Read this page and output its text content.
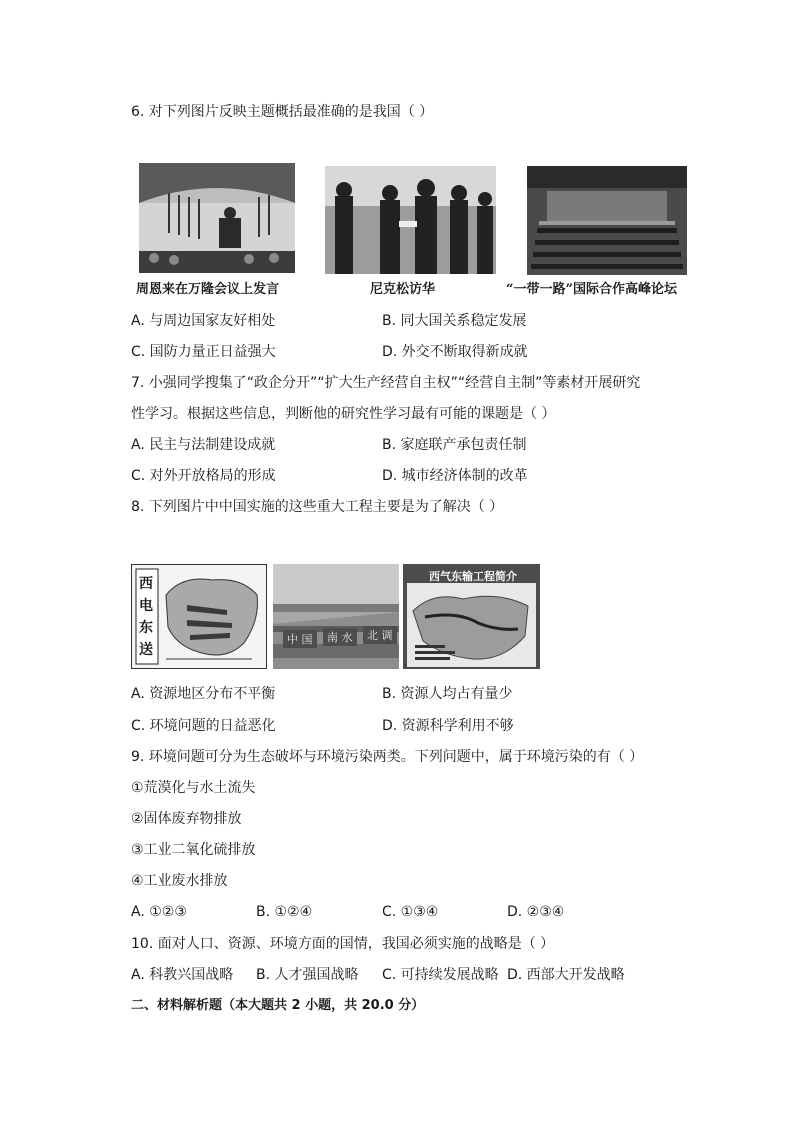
6. 对下列图片反映主题概括最准确的是我国（ ）
周恩来在万隆会议上发言	尼克松访华	“一带一路”国际合作高峰论坛
A. 与周边国家友好相处	B. 同大国关系稳定发展
C. 国防力量正日益强大	D. 外交不断取得新成就
7. 小强同学搜集了“政企分开”“扩大生产经营自主权”“经营自主制”等素材开展研究
性学习。根据这些信息，判断他的研究性学习最有可能的课题是（ ）
A. 民主与法制建设成就	B. 家庭联产承包责任制
C. 对外开放格局的形成	D. 城市经济体制的改革
8. 下列图片中中国实施的这些重大工程主要是为了解决（ ）
西
电
东
送
中 国	南 水	北 调
西气东输工程简介
A. 资源地区分布不平衡	B. 资源人均占有量少
C. 环境问题的日益恶化	D. 资源科学利用不够
9. 环境问题可分为生态破坏与环境污染两类。下列问题中，属于环境污染的有（ ）
①荒漠化与水土流失
②固体废弃物排放
③工业二氧化硫排放
④工业废水排放
A. ①②③	B. ①②④	C. ①③④	D. ②③④
10. 面对人口、资源、环境方面的国情，我国必须实施的战略是（ ）
A. 科教兴国战略 B. 人才强国战略 C. 可持续发展战略 D. 西部大开发战略
二、材料解析题（本大题共 2 小题，共 20.0 分）
